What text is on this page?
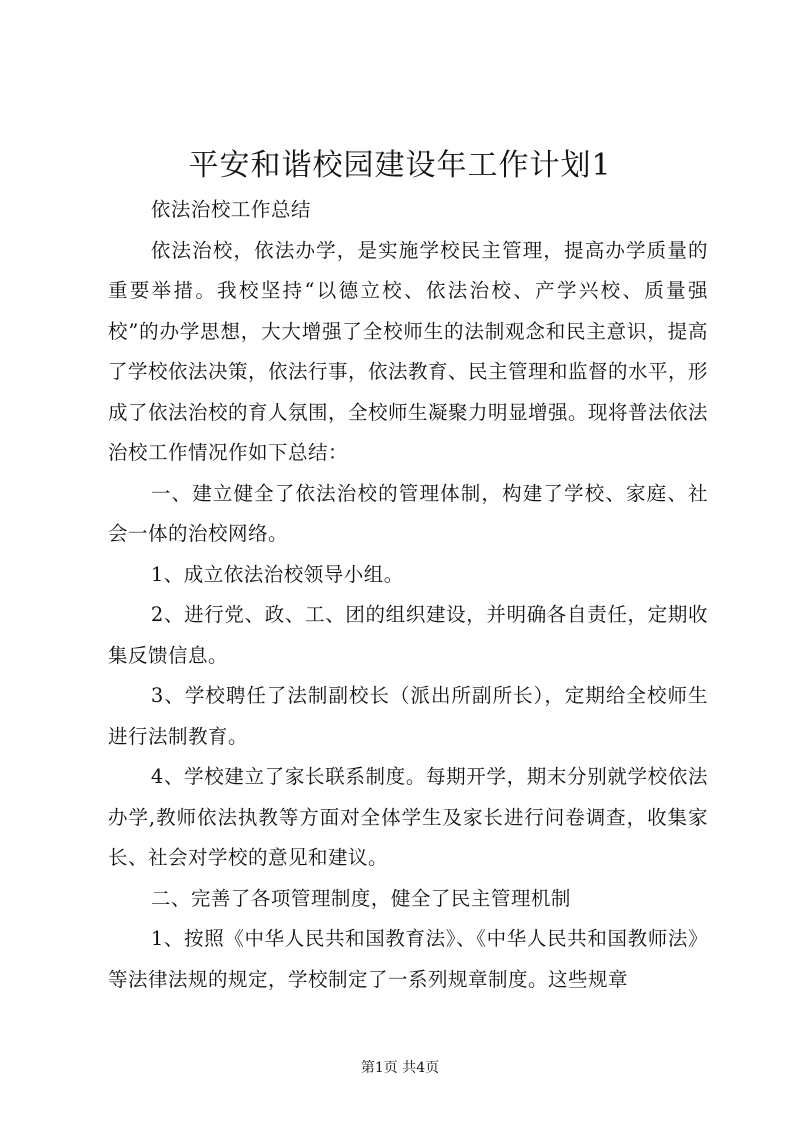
平安和谐校园建设年工作计划1

依法治校工作总结

依法治校，依法办学，是实施学校民主管理，提高办学质量的重要举措。我校坚持“以德立校、依法治校、产学兴校、质量强校”的办学思想，大大增强了全校师生的法制观念和民主意识，提高了学校依法决策，依法行事，依法教育、民主管理和监督的水平，形成了依法治校的育人氛围，全校师生凝聚力明显增强。现将普法依法治校工作情况作如下总结：

一、建立健全了依法治校的管理体制，构建了学校、家庭、社会一体的治校网络。

1、成立依法治校领导小组。

2、进行党、政、工、团的组织建设，并明确各自责任，定期收集反馈信息。

3、学校聘任了法制副校长（派出所副所长），定期给全校师生进行法制教育。

4、学校建立了家长联系制度。每期开学，期末分别就学校依法办学,教师依法执教等方面对全体学生及家长进行问卷调查，收集家长、社会对学校的意见和建议。

二、完善了各项管理制度，健全了民主管理机制

1、按照《中华人民共和国教育法》、《中华人民共和国教师法》等法律法规的规定，学校制定了一系列规章制度。这些规章

第1页 共4页
